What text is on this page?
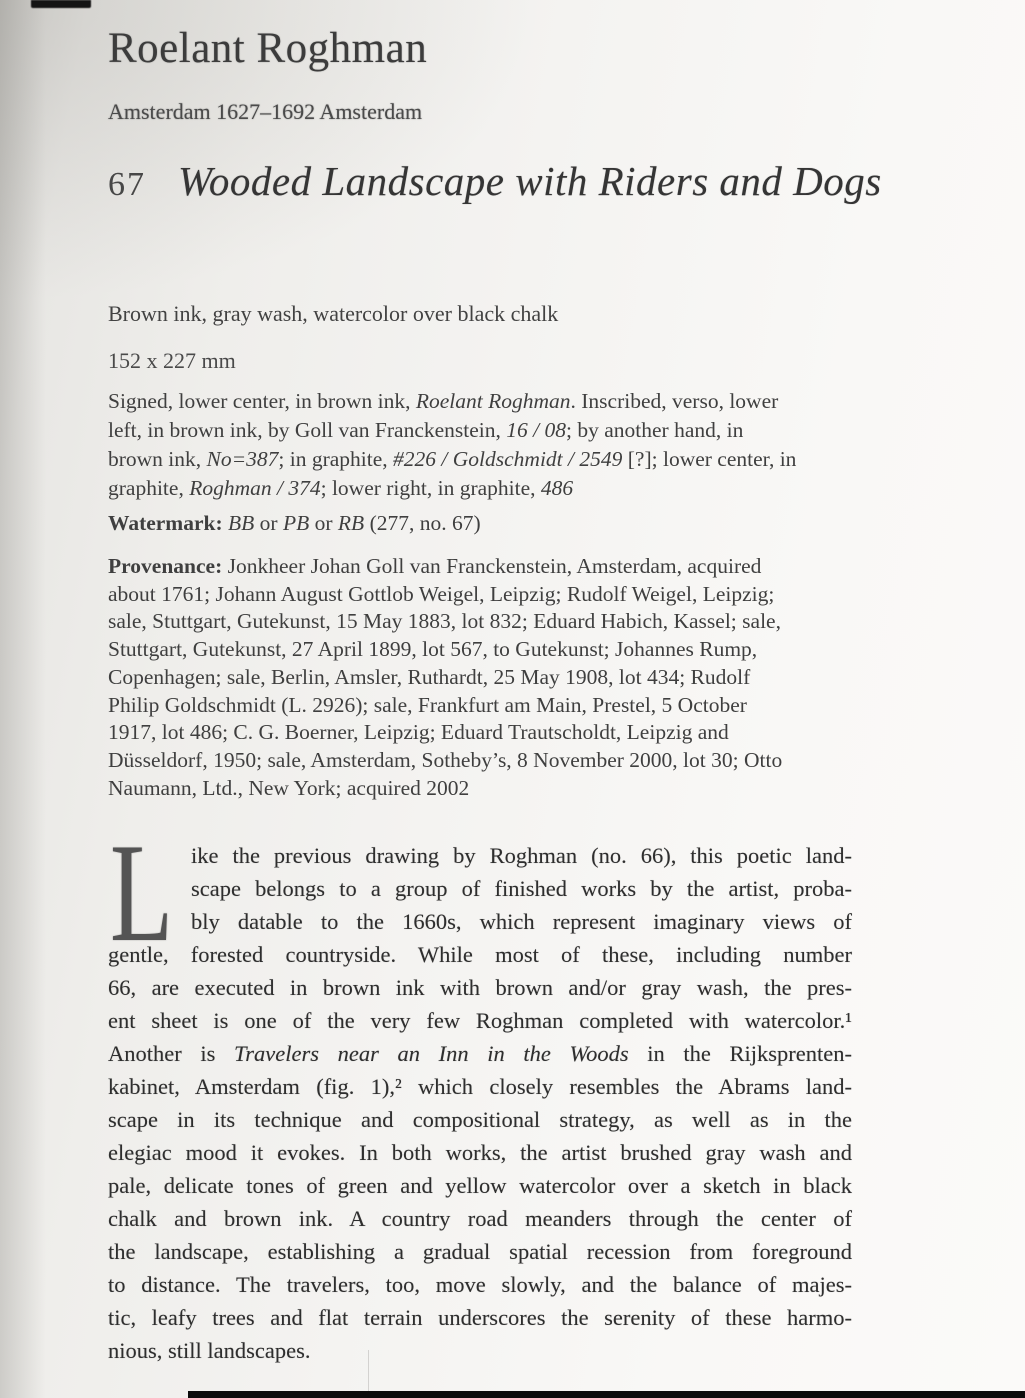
Roelant Roghman
Amsterdam 1627–1692 Amsterdam
67 Wooded Landscape with Riders and Dogs
Brown ink, gray wash, watercolor over black chalk
152 x 227 mm
Signed, lower center, in brown ink, Roelant Roghman. Inscribed, verso, lower
left, in brown ink, by Goll van Franckenstein, 16 / 08; by another hand, in
brown ink, No=387; in graphite, #226 / Goldschmidt / 2549 [?]; lower center, in
graphite, Roghman / 374; lower right, in graphite, 486
Watermark: BB or PB or RB (277, no. 67)
Provenance: Jonkheer Johan Goll van Franckenstein, Amsterdam, acquired
about 1761; Johann August Gottlob Weigel, Leipzig; Rudolf Weigel, Leipzig;
sale, Stuttgart, Gutekunst, 15 May 1883, lot 832; Eduard Habich, Kassel; sale,
Stuttgart, Gutekunst, 27 April 1899, lot 567, to Gutekunst; Johannes Rump,
Copenhagen; sale, Berlin, Amsler, Ruthardt, 25 May 1908, lot 434; Rudolf
Philip Goldschmidt (L. 2926); sale, Frankfurt am Main, Prestel, 5 October
1917, lot 486; C. G. Boerner, Leipzig; Eduard Trautscholdt, Leipzig and
Düsseldorf, 1950; sale, Amsterdam, Sotheby’s, 8 November 2000, lot 30; Otto
Naumann, Ltd., New York; acquired 2002
L ike the previous drawing by Roghman (no. 66), this poetic land-
scape belongs to a group of finished works by the artist, proba-
bly datable to the 1660s, which represent imaginary views of
gentle, forested countryside. While most of these, including number
66, are executed in brown ink with brown and/or gray wash, the pres-
ent sheet is one of the very few Roghman completed with watercolor.¹
Another is Travelers near an Inn in the Woods in the Rijksprenten-
kabinet, Amsterdam (fig. 1),² which closely resembles the Abrams land-
scape in its technique and compositional strategy, as well as in the
elegiac mood it evokes. In both works, the artist brushed gray wash and
pale, delicate tones of green and yellow watercolor over a sketch in black
chalk and brown ink. A country road meanders through the center of
the landscape, establishing a gradual spatial recession from foreground
to distance. The travelers, too, move slowly, and the balance of majes-
tic, leafy trees and flat terrain underscores the serenity of these harmo-
nious, still landscapes.
